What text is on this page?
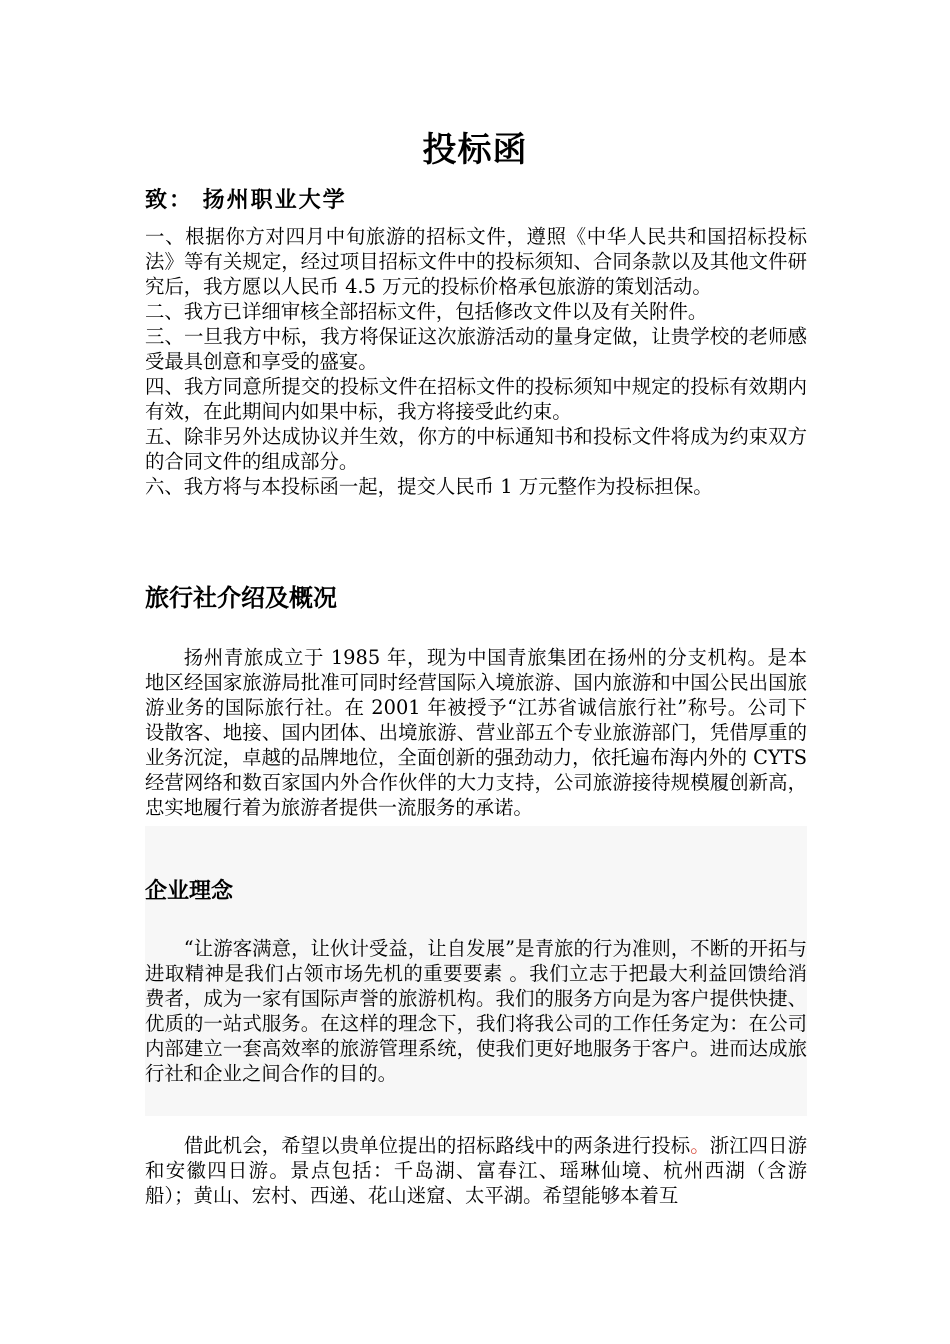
投标函
致： 扬州职业大学

一、根据你方对四月中旬旅游的招标文件，遵照《中华人民共和国招标投标法》等有关规定，经过项目招标文件中的投标须知、合同条款以及其他文件研究后，我方愿以人民币 4.5 万元的投标价格承包旅游的策划活动。

二、我方已详细审核全部招标文件，包括修改文件以及有关附件。

三、一旦我方中标，我方将保证这次旅游活动的量身定做，让贵学校的老师感受最具创意和享受的盛宴。

四、我方同意所提交的投标文件在招标文件的投标须知中规定的投标有效期内有效，在此期间内如果中标，我方将接受此约束。

五、除非另外达成协议并生效，你方的中标通知书和投标文件将成为约束双方的合同文件的组成部分。

六、我方将与本投标函一起，提交人民币 1 万元整作为投标担保。

旅行社介绍及概况

扬州青旅成立于 1985 年，现为中国青旅集团在扬州的分支机构。是本地区经国家旅游局批准可同时经营国际入境旅游、国内旅游和中国公民出国旅游业务的国际旅行社。在 2001 年被授予“江苏省诚信旅行社”称号。公司下设散客、地接、国内团体、出境旅游、营业部五个专业旅游部门，凭借厚重的业务沉淀，卓越的品牌地位，全面创新的强劲动力，依托遍布海内外的 CYTS 经营网络和数百家国内外合作伙伴的大力支持，公司旅游接待规模履创新高，忠实地履行着为旅游者提供一流服务的承诺。

企业理念

“让游客满意，让伙计受益，让自发展”是青旅的行为准则，不断的开拓与进取精神是我们占领市场先机的重要要素 。我们立志于把最大利益回馈给消费者，成为一家有国际声誉的旅游机构。我们的服务方向是为客户提供快捷、优质的一站式服务。在这样的理念下，我们将我公司的工作任务定为：在公司内部建立一套高效率的旅游管理系统，使我们更好地服务于客户。进而达成旅行社和企业之间合作的目的。

借此机会，希望以贵单位提出的招标路线中的两条进行投标。浙江四日游和安徽四日游。景点包括：千岛湖、富春江、瑶琳仙境、杭州西湖（含游船）；黄山、宏村、西递、花山迷窟、太平湖。希望能够本着互
